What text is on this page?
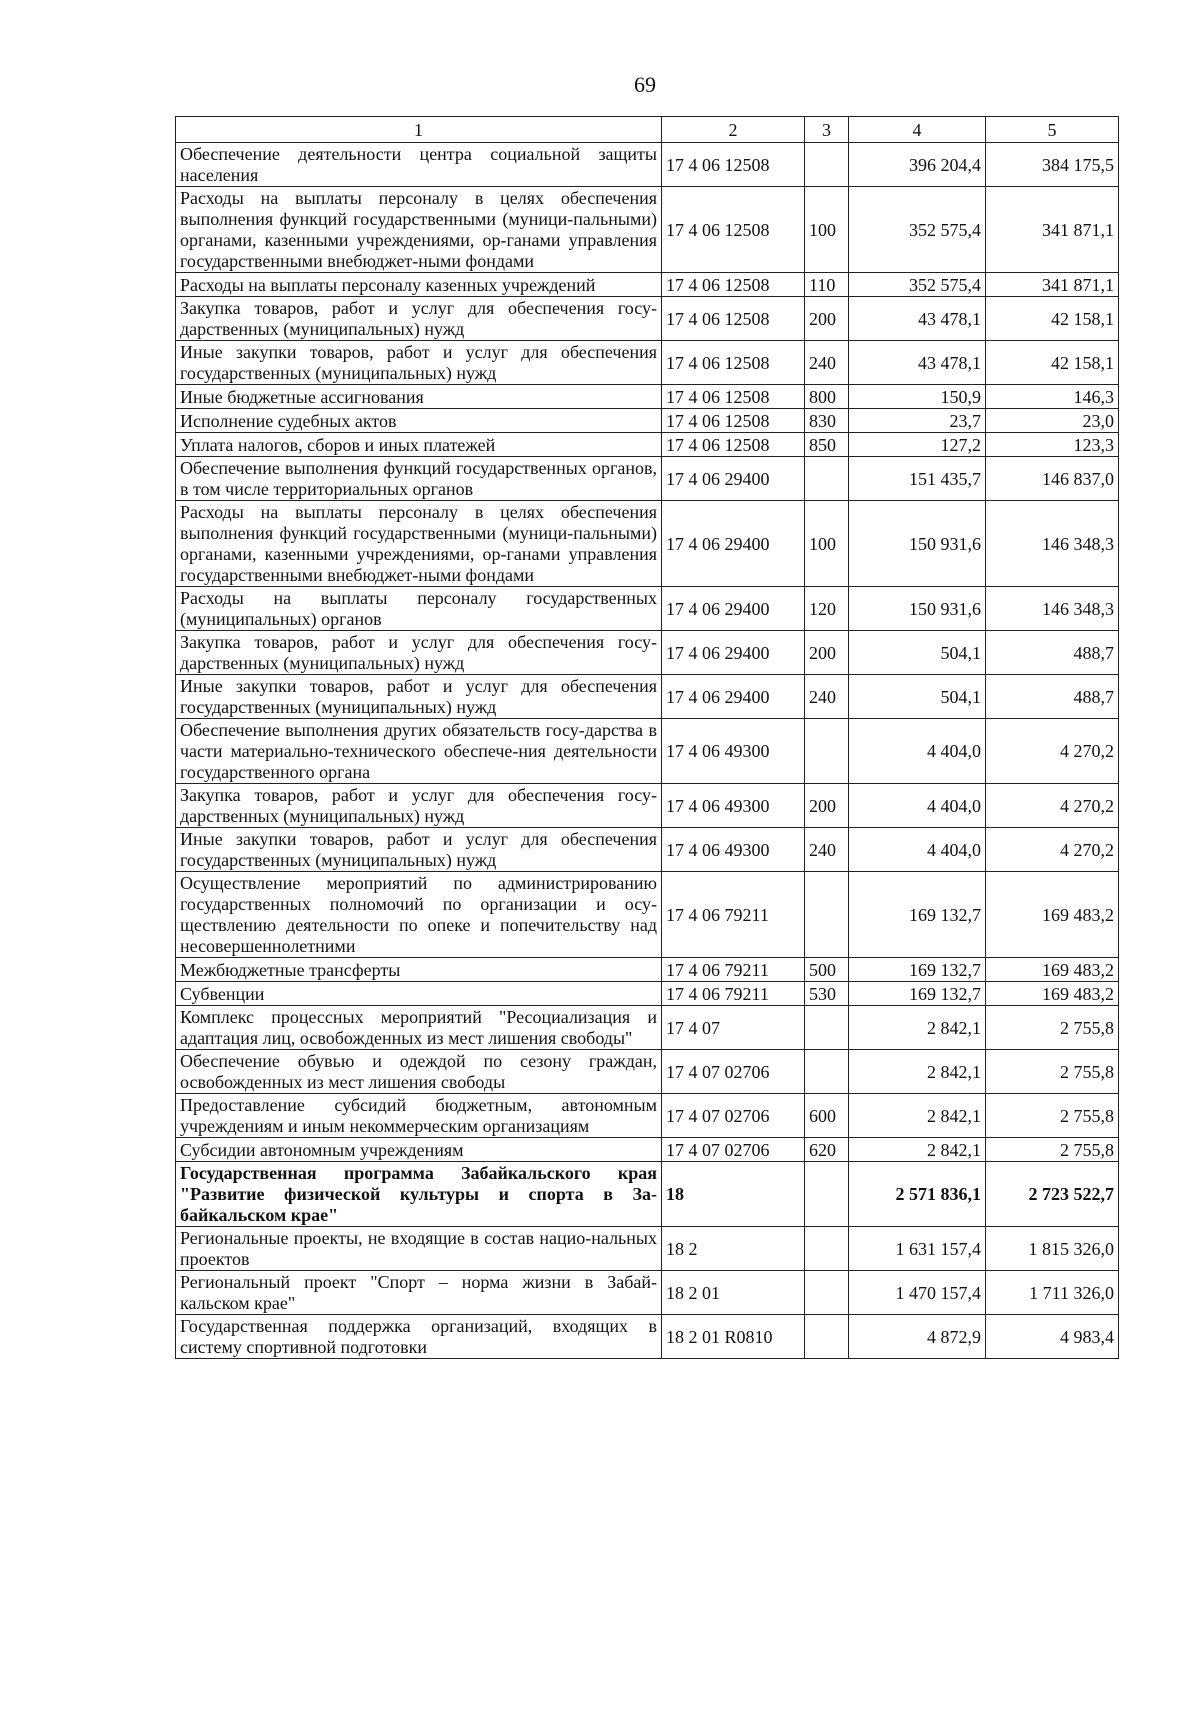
69
1	2	3	4	5
Обеспечение деятельности центра социальной защиты населения	17 4 06 12508		396 204,4	384 175,5
Расходы на выплаты персоналу в целях обеспечения выполнения функций государственными (муници-пальными) органами, казенными учреждениями, ор-ганами управления государственными внебюджет-ными фондами	17 4 06 12508	100	352 575,4	341 871,1
Расходы на выплаты персоналу казенных учреждений	17 4 06 12508	110	352 575,4	341 871,1
Закупка товаров, работ и услуг для обеспечения госу-дарственных (муниципальных) нужд	17 4 06 12508	200	43 478,1	42 158,1
Иные закупки товаров, работ и услуг для обеспечения государственных (муниципальных) нужд	17 4 06 12508	240	43 478,1	42 158,1
Иные бюджетные ассигнования	17 4 06 12508	800	150,9	146,3
Исполнение судебных актов	17 4 06 12508	830	23,7	23,0
Уплата налогов, сборов и иных платежей	17 4 06 12508	850	127,2	123,3
Обеспечение выполнения функций государственных органов, в том числе территориальных органов	17 4 06 29400		151 435,7	146 837,0
Расходы на выплаты персоналу в целях обеспечения выполнения функций государственными (муници-пальными) органами, казенными учреждениями, ор-ганами управления государственными внебюджет-ными фондами	17 4 06 29400	100	150 931,6	146 348,3
Расходы на выплаты персоналу государственных (муниципальных) органов	17 4 06 29400	120	150 931,6	146 348,3
Закупка товаров, работ и услуг для обеспечения госу-дарственных (муниципальных) нужд	17 4 06 29400	200	504,1	488,7
Иные закупки товаров, работ и услуг для обеспечения государственных (муниципальных) нужд	17 4 06 29400	240	504,1	488,7
Обеспечение выполнения других обязательств госу-дарства в части материально-технического обеспече-ния деятельности государственного органа	17 4 06 49300		4 404,0	4 270,2
Закупка товаров, работ и услуг для обеспечения госу-дарственных (муниципальных) нужд	17 4 06 49300	200	4 404,0	4 270,2
Иные закупки товаров, работ и услуг для обеспечения государственных (муниципальных) нужд	17 4 06 49300	240	4 404,0	4 270,2
Осуществление мероприятий по администрированию государственных полномочий по организации и осу-ществлению деятельности по опеке и попечительству над несовершеннолетними	17 4 06 79211		169 132,7	169 483,2
Межбюджетные трансферты	17 4 06 79211	500	169 132,7	169 483,2
Субвенции	17 4 06 79211	530	169 132,7	169 483,2
Комплекс процессных мероприятий "Ресоциализация и адаптация лиц, освобожденных из мест лишения свободы"	17 4 07		2 842,1	2 755,8
Обеспечение обувью и одеждой по сезону граждан, освобожденных из мест лишения свободы	17 4 07 02706		2 842,1	2 755,8
Предоставление субсидий бюджетным, автономным учреждениям и иным некоммерческим организациям	17 4 07 02706	600	2 842,1	2 755,8
Субсидии автономным учреждениям	17 4 07 02706	620	2 842,1	2 755,8
Государственная программа Забайкальского края "Развитие физической культуры и спорта в За-байкальском крае"	18		2 571 836,1	2 723 522,7
Региональные проекты, не входящие в состав нацио-нальных проектов	18 2		1 631 157,4	1 815 326,0
Региональный проект "Спорт – норма жизни в Забай-кальском крае"	18 2 01		1 470 157,4	1 711 326,0
Государственная поддержка организаций, входящих в систему спортивной подготовки	18 2 01 R0810		4 872,9	4 983,4
